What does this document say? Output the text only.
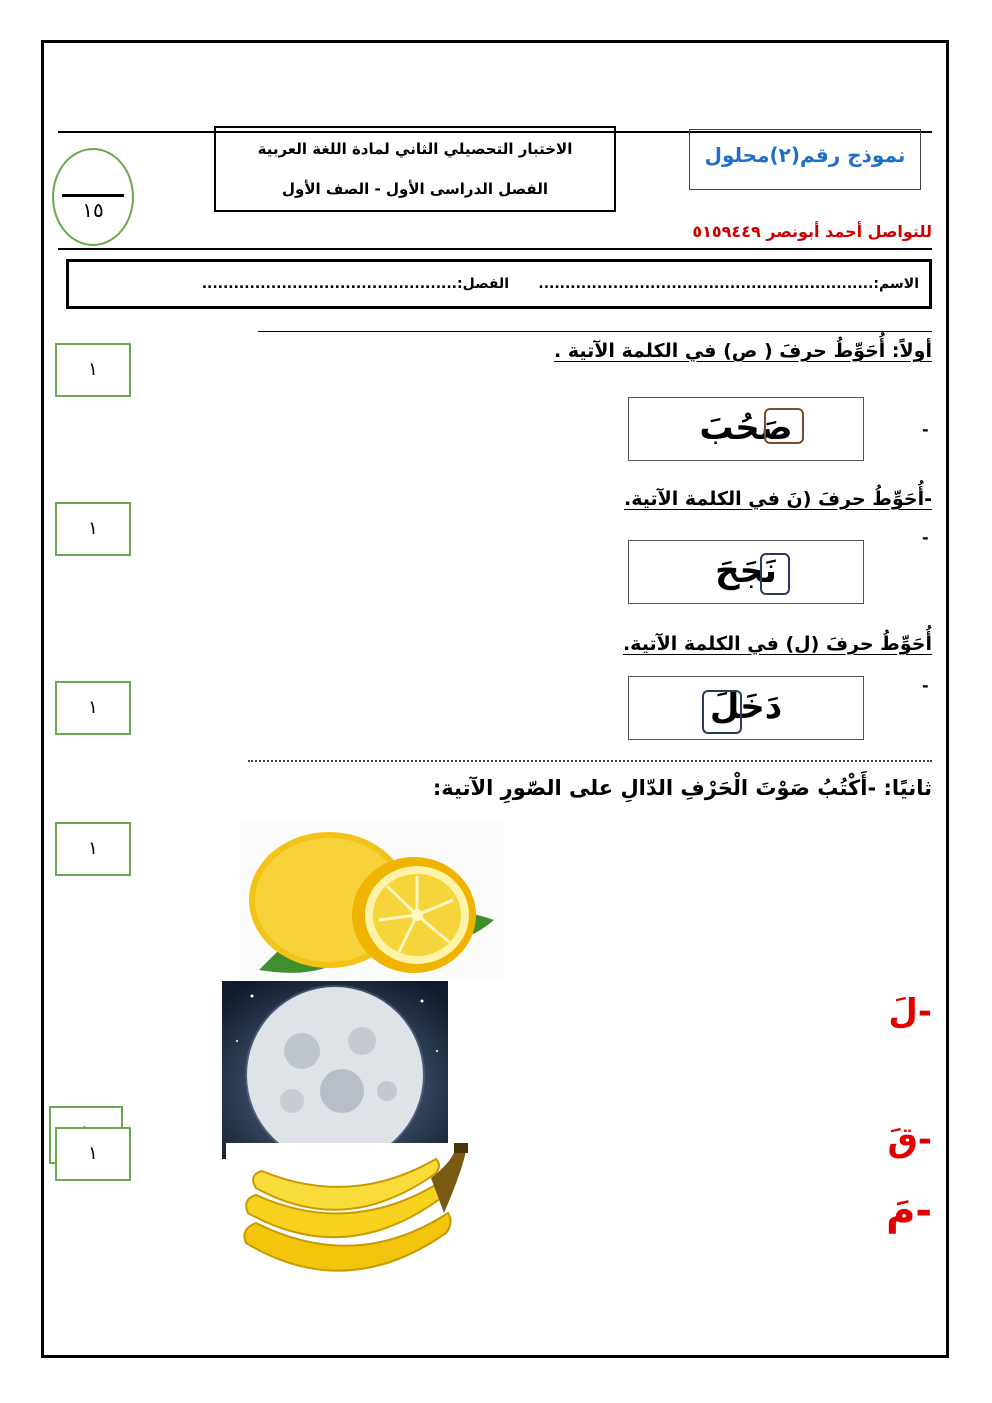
الاختبار التحصيلي الثاني لمادة اللغة العربية
الفصل الدراسى الأول - الصف الأول
نموذج رقم(٢)محلول
١٥
للتواصل أحمد أبونصر ٥١٥٩٤٤٩
الاسم:...............................................................
الفصل:................................................
أولاً: أُحَوِّطُ حرفَ ( ص) في الكلمة الآتية .
١
-
صَحُبَ
-أُحَوِّطُ حرفَ (نَ في الكلمة الآتية.
-
١
نَجَحَ
أُحَوِّطُ حرفَ (ل) في الكلمة الآتية.
-
١	دَخَلَ
ثانيًا: -أَكْتُبُ صَوْتَ الْحَرْفِ الدّالِ على الصّورِ الآتية:
١
١
-لَ
-قَ
-مَ
